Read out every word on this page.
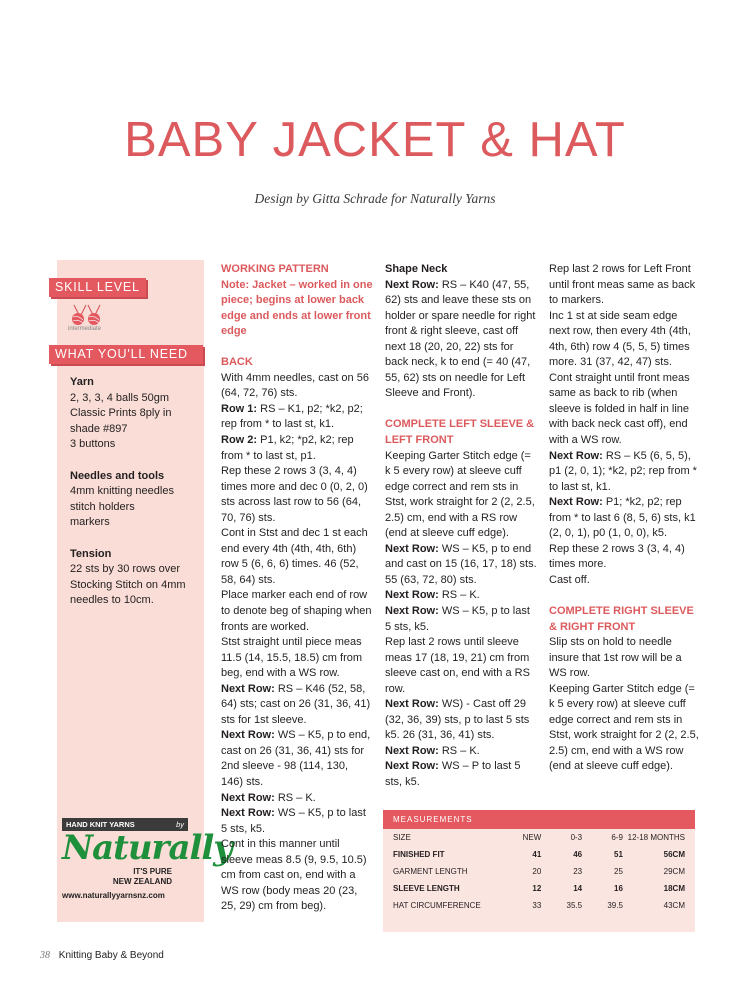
BABY JACKET & HAT
Design by Gitta Schrade for Naturally Yarns
SKILL LEVEL
intermediate
WHAT YOU'LL NEED

Yarn

2, 3, 3, 4 balls 50gm

Classic Prints 8ply in

shade #897

3 buttons

Needles and tools

4mm knitting needles

stitch holders

markers

Tension

22 sts by 30 rows over

Stocking Stitch on 4mm

needles to 10cm.

HAND KNIT YARNS	by
Naturally
IT'S PURE
NEW ZEALAND
www.naturallyyarnsnz.com

WORKING PATTERN

Note: Jacket – worked in one piece; begins at lower back edge and ends at lower front edge

BACK

With 4mm needles, cast on 56 (64, 72, 76) sts.

Row 1: RS – K1, p2; *k2, p2; rep from * to last st, k1.

Row 2: P1, k2; *p2, k2; rep from * to last st, p1.

Rep these 2 rows 3 (3, 4, 4) times more and dec 0 (0, 2, 0) sts across last row to 56 (64, 70, 76) sts.

Cont in Stst and dec 1 st each end every 4th (4th, 4th, 6th) row 5 (6, 6, 6) times. 46 (52, 58, 64) sts.

Place marker each end of row to denote beg of shaping when fronts are worked.

Stst straight until piece meas 11.5 (14, 15.5, 18.5) cm from beg, end with a WS row.

Next Row: RS – K46 (52, 58, 64) sts; cast on 26 (31, 36, 41) sts for 1st sleeve.

Next Row: WS – K5, p to end, cast on 26 (31, 36, 41) sts for 2nd sleeve - 98 (114, 130, 146) sts.

Next Row: RS – K.

Next Row: WS – K5, p to last 5 sts, k5.

Cont in this manner until sleeve meas 8.5 (9, 9.5, 10.5) cm from cast on, end with a WS row (body meas 20 (23, 25, 29) cm from beg).

Shape Neck

Next Row: RS – K40 (47, 55, 62) sts and leave these sts on holder or spare needle for right front & right sleeve, cast off next 18 (20, 20, 22) sts for back neck, k to end (= 40 (47, 55, 62) sts on needle for Left Sleeve and Front).

COMPLETE LEFT SLEEVE & LEFT FRONT

Keeping Garter Stitch edge (= k 5 every row) at sleeve cuff edge correct and rem sts in Stst, work straight for 2 (2, 2.5, 2.5) cm, end with a RS row (end at sleeve cuff edge).

Next Row: WS – K5, p to end and cast on 15 (16, 17, 18) sts. 55 (63, 72, 80) sts.

Next Row: RS – K.

Next Row: WS – K5, p to last 5 sts, k5.

Rep last 2 rows until sleeve meas 17 (18, 19, 21) cm from sleeve cast on, end with a RS row.

Next Row: WS) - Cast off 29 (32, 36, 39) sts, p to last 5 sts k5. 26 (31, 36, 41) sts.

Next Row: RS – K.

Next Row: WS – P to last 5 sts, k5.

Rep last 2 rows for Left Front until front meas same as back to markers.

Inc 1 st at side seam edge next row, then every 4th (4th, 4th, 6th) row 4 (5, 5, 5) times more. 31 (37, 42, 47) sts.

Cont straight until front meas same as back to rib (when sleeve is folded in half in line with back neck cast off), end with a WS row.

Next Row: RS – K5 (6, 5, 5), p1 (2, 0, 1); *k2, p2; rep from * to last st, k1.

Next Row: P1; *k2, p2; rep from * to last 6 (8, 5, 6) sts, k1 (2, 0, 1), p0 (1, 0, 0), k5.

Rep these 2 rows 3 (3, 4, 4) times more.

Cast off.

COMPLETE RIGHT SLEEVE & RIGHT FRONT

Slip sts on hold to needle insure that 1st row will be a WS row.

Keeping Garter Stitch edge (= k 5 every row) at sleeve cuff edge correct and rem sts in Stst, work straight for 2 (2, 2.5, 2.5) cm, end with a WS row (end at sleeve cuff edge).

MEASUREMENTS
SIZE	NEW	0-3	6-9	12-18 MONTHS
FINISHED FIT	41	46	51	56CM
GARMENT LENGTH	20	23	25	29CM
SLEEVE LENGTH	12	14	16	18CM
HAT CIRCUMFERENCE	33	35.5	39.5	43CM
38 Knitting Baby & Beyond
